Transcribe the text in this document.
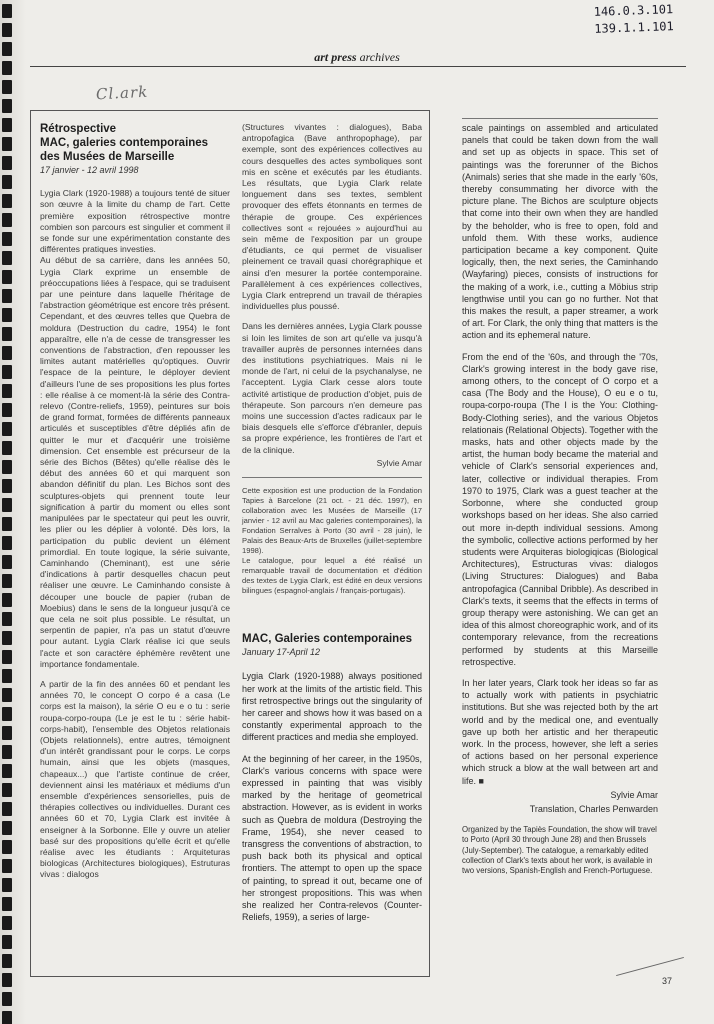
146.0.3.101
139.1.1.101
art press archives
Cl.ark
Rétrospective
MAC, galeries contemporaines des Musées de Marseille
17 janvier - 12 avril 1998

Lygia Clark (1920-1988) a toujours tenté de situer son œuvre à la limite du champ de l'art. Cette première exposition rétrospective montre combien son parcours est singulier et comment il se fonde sur une expérimentation constante des différentes pratiques investies.

Au début de sa carrière, dans les années 50, Lygia Clark exprime un ensemble de préoccupations liées à l'espace, qui se traduisent par une peinture dans laquelle l'héritage de l'abstraction géométrique est encore très présent. Cependant, et des œuvres telles que Quebra de moldura (Destruction du cadre, 1954) le font apparaître, elle n'a de cesse de transgresser les conventions de l'abstraction, d'en repousser les limites autant matérielles qu'optiques. Ouvrir l'espace de la peinture, le déployer devient d'ailleurs l'une de ses propositions les plus fortes : elle réalise à ce moment-là la série des Contra-relevo (Contre-reliefs, 1959), peintures sur bois de grand format, formées de différents panneaux articulés et susceptibles d'être dépliés afin de quitter le mur et d'acquérir une troisième dimension. Cet ensemble est précurseur de la série des Bichos (Bêtes) qu'elle réalise dès le début des années 60 et qui marquent son abandon définitif du plan. Les Bichos sont des sculptures-objets qui prennent toute leur signification à partir du moment ou elles sont manipulées par le spectateur qui peut les ouvrir, les plier ou les déplier à volonté. Dès lors, la participation du public devient un élément primordial. En toute logique, la série suivante, Caminhando (Cheminant), est une série d'indications à partir desquelles chacun peut réaliser une œuvre. Le Caminhando consiste à découper une boucle de papier (ruban de Moebius) dans le sens de la longueur jusqu'à ce que cela ne soit plus possible. Le résultat, un serpentin de papier, n'a pas un statut d'œuvre pour autant. Lygia Clark réalise ici que seuls l'acte et son caractère éphémère revêtent une importance fondamentale.

A partir de la fin des années 60 et pendant les années 70, le concept O corpo é a casa (Le corps est la maison), la série O eu e o tu : serie roupa-corpo-roupa (Le je est le tu : série habit-corps-habit), l'ensemble des Objetos relationais (Objets relationnels), entre autres, témoignent d'un intérêt grandissant pour le corps. Le corps humain, ainsi que les objets (masques, chapeaux...) que l'artiste continue de créer, deviennent ainsi les matériaux et médiums d'un ensemble d'expériences sensorielles, puis de thérapies collectives ou individuelles. Durant ces années 60 et 70, Lygia Clark est invitée à enseigner à la Sorbonne. Elle y ouvre un atelier basé sur des propositions qu'elle écrit et qu'elle réalise avec les étudiants : Arquiteturas biologicas (Architectures biologiques), Estruturas vivas : dialogos

(Structures vivantes : dialogues), Baba antropofagica (Bave anthropophage), par exemple, sont des expériences collectives au cours desquelles des actes symboliques sont mis en scène et exécutés par les étudiants. Les résultats, que Lygia Clark relate longuement dans ses textes, semblent provoquer des effets étonnants en termes de thérapie de groupe. Ces expériences collectives sont « rejouées » aujourd'hui au sein même de l'exposition par un groupe d'étudiants, ce qui permet de visualiser pleinement ce travail quasi chorégraphique et ainsi d'en mesurer la portée contemporaine. Parallèlement à ces expériences collectives, Lygia Clark entreprend un travail de thérapies individuelles plus poussé.

Dans les dernières années, Lygia Clark pousse si loin les limites de son art qu'elle va jusqu'à travailler auprès de personnes internées dans des institutions psychiatriques. Mais ni le monde de l'art, ni celui de la psychanalyse, ne l'acceptent. Lygia Clark cesse alors toute activité artistique de production d'objet, puis de thérapeute. Son parcours n'en demeure pas moins une succession d'actes radicaux par le biais desquels elle s'efforce d'ébranler, depuis sa propre expérience, les frontières de l'art et de la clinique.

Sylvie Amar

Cette exposition est une production de la Fondation Tapies à Barcelone (21 oct. - 21 déc. 1997), en collaboration avec les Musées de Marseille (17 janvier - 12 avril au Mac galeries contemporaines), la Fondation Serralves à Porto (30 avril - 28 juin), le Palais des Beaux-Arts de Bruxelles (juillet-septembre 1998).

Le catalogue, pour lequel a été réalisé un remarquable travail de documentation et d'édition des textes de Lygia Clark, est édité en deux versions bilingues (espagnol-anglais / français-portugais).

MAC, Galeries contemporaines
January 17-April 12

Lygia Clark (1920-1988) always positioned her work at the limits of the artistic field. This first retrospective brings out the singularity of her career and shows how it was based on a constantly experimental approach to the different practices and media she employed.

At the beginning of her career, in the 1950s, Clark's various concerns with space were expressed in painting that was visibly marked by the heritage of geometrical abstraction. However, as is evident in works such as Quebra de moldura (Destroying the Frame, 1954), she never ceased to transgress the conventions of abstraction, to push back both its physical and optical frontiers. The attempt to open up the space of painting, to spread it out, became one of her strongest propositions. This was when she realized her Contra-relevos (Counter-Reliefs, 1959), a series of large-

scale paintings on assembled and articulated panels that could be taken down from the wall and set up as objects in space. This set of paintings was the forerunner of the Bichos (Animals) series that she made in the early '60s, thereby consummating her divorce with the picture plane. The Bichos are sculpture objects that come into their own when they are handled by the beholder, who is free to open, fold and unfold them. With these works, audience participation became a key component. Quite logically, then, the next series, the Caminhando (Wayfaring) pieces, consists of instructions for the making of a work, i.e., cutting a Möbius strip lengthwise until you can go no further. Not that this makes the result, a paper streamer, a work of art. For Clark, the only thing that matters is the action and its ephemeral nature.

From the end of the '60s, and through the '70s, Clark's growing interest in the body gave rise, among others, to the concept of O corpo et a casa (The Body and the House), O eu e o tu, roupa-corpo-roupa (The I is the You: Clothing-Body-Clothing series), and the various Objetos relationais (Relational Objects). Together with the masks, hats and other objects made by the artist, the human body became the material and vehicle of Clark's sensorial experiences and, later, collective or individual therapies. From 1970 to 1975, Clark was a guest teacher at the Sorbonne, where she conducted group workshops based on her ideas. She also carried out more in-depth individual sessions. Among the symbolic, collective actions performed by her students were Arquiteras biologiqicas (Biological Architectures), Estructuras vivas: dialogos (Living Structures: Dialogues) and Baba antropofagica (Cannibal Dribble). As described in Clark's texts, it seems that the effects in terms of group therapy were astonishing. We can get an idea of this almost choreographic work, and of its contemporary relevance, from the recreations performed by students at this Marseille retrospective.

In her later years, Clark took her ideas so far as to actually work with patients in psychiatric institutions. But she was rejected both by the art world and by the medical one, and eventually gave up both her artistic and her therapeutic work. In the process, however, she left a series of actions based on her personal experience which struck a blow at the wall between art and life. ■

Sylvie Amar
Translation, Charles Penwarden

Organized by the Tapiès Foundation, the show will travel to Porto (April 30 through June 28) and then Brussels (July-September). The catalogue, a remarkably edited collection of Clark's texts about her work, is available in two versions, Spanish-English and French-Portuguese.

37
